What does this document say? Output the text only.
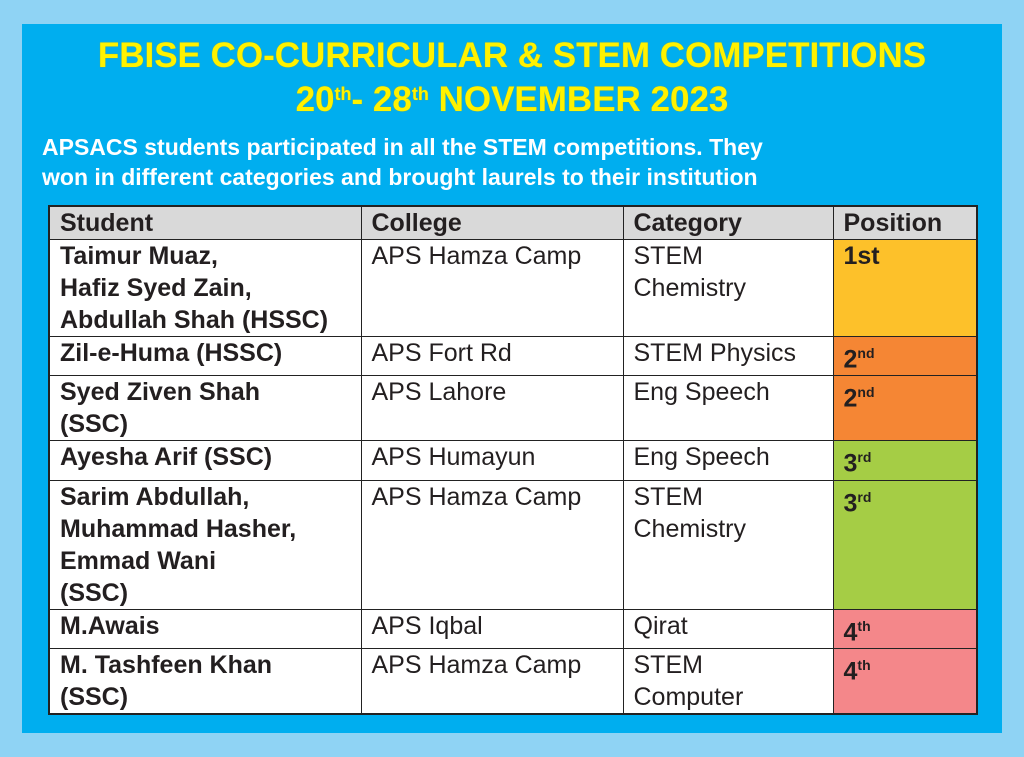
FBISE CO-CURRICULAR & STEM COMPETITIONS
20th- 28th NOVEMBER 2023
APSACS students participated in all the STEM competitions. They
won in different categories and brought laurels to their institution
Student	College	Category	Position

Taimur Muaz,
Hafiz Syed Zain,
Abdullah Shah (HSSC)	APS Hamza Camp	STEM
Chemistry	1st

Zil-e-Huma (HSSC)	APS Fort Rd	STEM Physics	2nd

Syed Ziven Shah
(SSC)	APS Lahore	Eng Speech	2nd

Ayesha Arif (SSC)	APS Humayun	Eng Speech	3rd

Sarim Abdullah,
Muhammad Hasher,
Emmad Wani
(SSC)	APS Hamza Camp	STEM
Chemistry	3rd

M.Awais	APS Iqbal	Qirat	4th

M. Tashfeen Khan
(SSC)	APS Hamza Camp	STEM
Computer	4th
